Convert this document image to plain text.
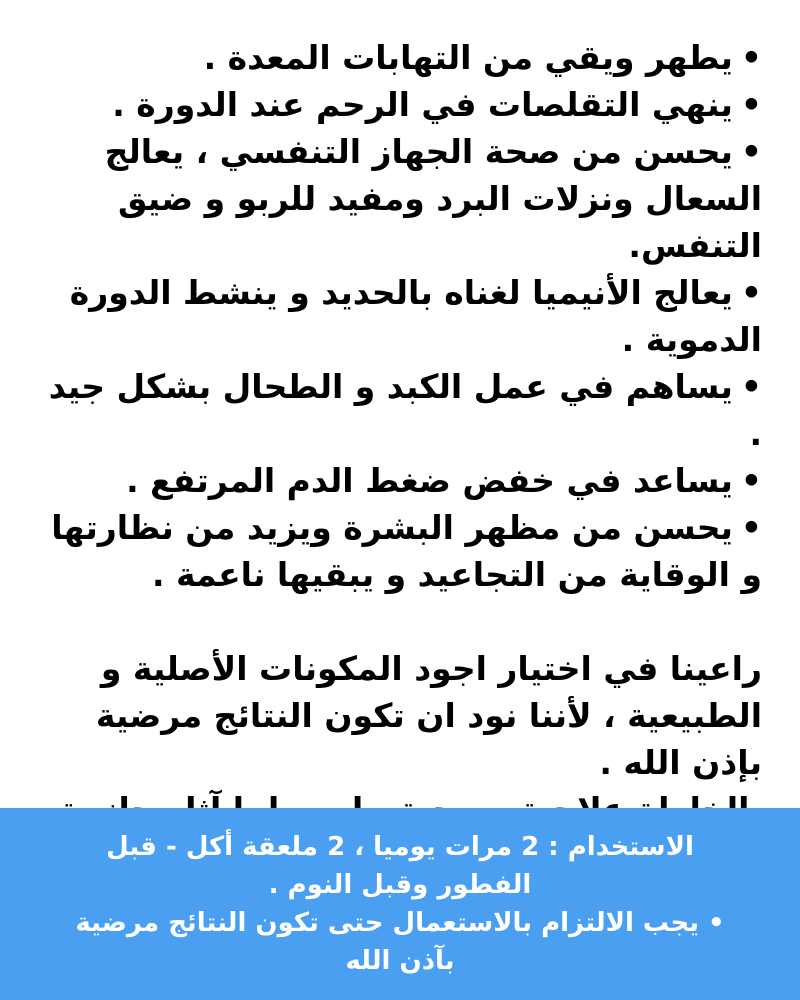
•يطهر ويقي من التهابات المعدة .
•ينهي التقلصات في الرحم عند الدورة .
•يحسن من صحة الجهاز التنفسي ، يعالج السعال ونزلات البرد ومفيد للربو و ضيق التنفس.
•يعالج الأنيميا لغناه بالحديد و ينشط الدورة الدموية .
•يساهم في عمل الكبد و الطحال بشكل جيد .
•يساعد في خفض ضغط الدم المرتفع .
•يحسن من مظهر البشرة ويزيد من نظارتها و الوقاية من التجاعيد و يبقيها ناعمة .

راعينا في اختيار اجود المكونات الأصلية و الطبيعية ، لأننا نود ان تكون النتائج مرضية بإذن الله .

الاستخدام : 2 مرات يوميا ، 2 ملعقة أكل - قبل الفطور وقبل النوم .

• يجب الالتزام بالاستعمال حتى تكون النتائج مرضية بآذن الله
